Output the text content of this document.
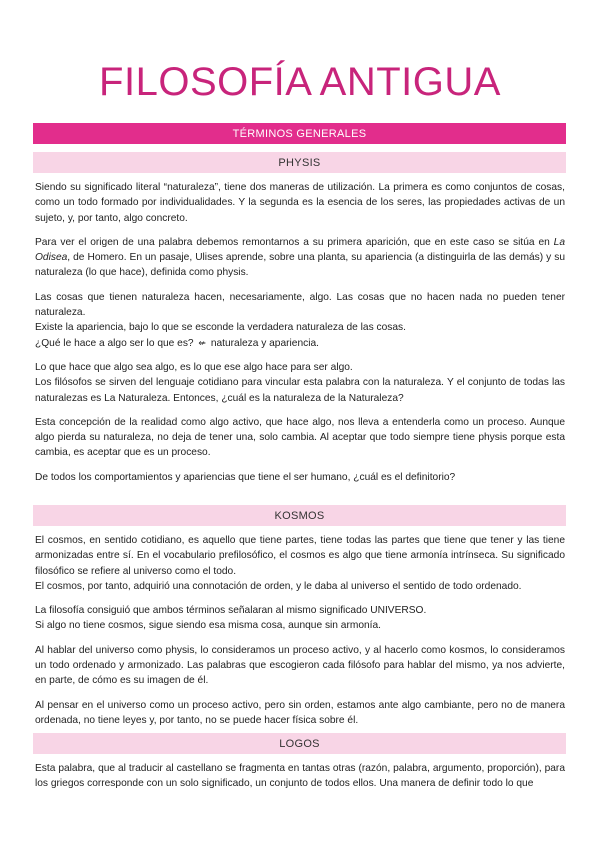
FILOSOFÍA ANTIGUA
TÉRMINOS GENERALES
PHYSIS

Siendo su significado literal “naturaleza”, tiene dos maneras de utilización. La primera es como conjuntos de cosas, como un todo formado por individualidades. Y la segunda es la esencia de los seres, las propiedades activas de un sujeto, y, por tanto, algo concreto.

Para ver el origen de una palabra debemos remontarnos a su primera aparición, que en este caso se sitúa en La Odisea, de Homero. En un pasaje, Ulises aprende, sobre una planta, su apariencia (a distinguirla de las demás) y su naturaleza (lo que hace), definida como physis.

Las cosas que tienen naturaleza hacen, necesariamente, algo. Las cosas que no hacen nada no pueden tener naturaleza.

Existe la apariencia, bajo lo que se esconde la verdadera naturaleza de las cosas.

¿Qué le hace a algo ser lo que es? ⇍ naturaleza y apariencia.

Lo que hace que algo sea algo, es lo que ese algo hace para ser algo.

Los filósofos se sirven del lenguaje cotidiano para vincular esta palabra con la naturaleza. Y el conjunto de todas las naturalezas es La Naturaleza. Entonces, ¿cuál es la naturaleza de la Naturaleza?

Esta concepción de la realidad como algo activo, que hace algo, nos lleva a entenderla como un proceso. Aunque algo pierda su naturaleza, no deja de tener una, solo cambia. Al aceptar que todo siempre tiene physis porque esta cambia, es aceptar que es un proceso.

De todos los comportamientos y apariencias que tiene el ser humano, ¿cuál es el definitorio?

KOSMOS

El cosmos, en sentido cotidiano, es aquello que tiene partes, tiene todas las partes que tiene que tener y las tiene armonizadas entre sí. En el vocabulario prefilosófico, el cosmos es algo que tiene armonía intrínseca. Su significado filosófico se refiere al universo como el todo.

El cosmos, por tanto, adquirió una connotación de orden, y le daba al universo el sentido de todo ordenado.

La filosofía consiguió que ambos términos señalaran al mismo significado UNIVERSO.

Si algo no tiene cosmos, sigue siendo esa misma cosa, aunque sin armonía.

Al hablar del universo como physis, lo consideramos un proceso activo, y al hacerlo como kosmos, lo consideramos un todo ordenado y armonizado. Las palabras que escogieron cada filósofo para hablar del mismo, ya nos advierte, en parte, de cómo es su imagen de él.

Al pensar en el universo como un proceso activo, pero sin orden, estamos ante algo cambiante, pero no de manera ordenada, no tiene leyes y, por tanto, no se puede hacer física sobre él.

LOGOS

Esta palabra, que al traducir al castellano se fragmenta en tantas otras (razón, palabra, argumento, proporción), para los griegos corresponde con un solo significado, un conjunto de todos ellos. Una manera de definir todo lo que
